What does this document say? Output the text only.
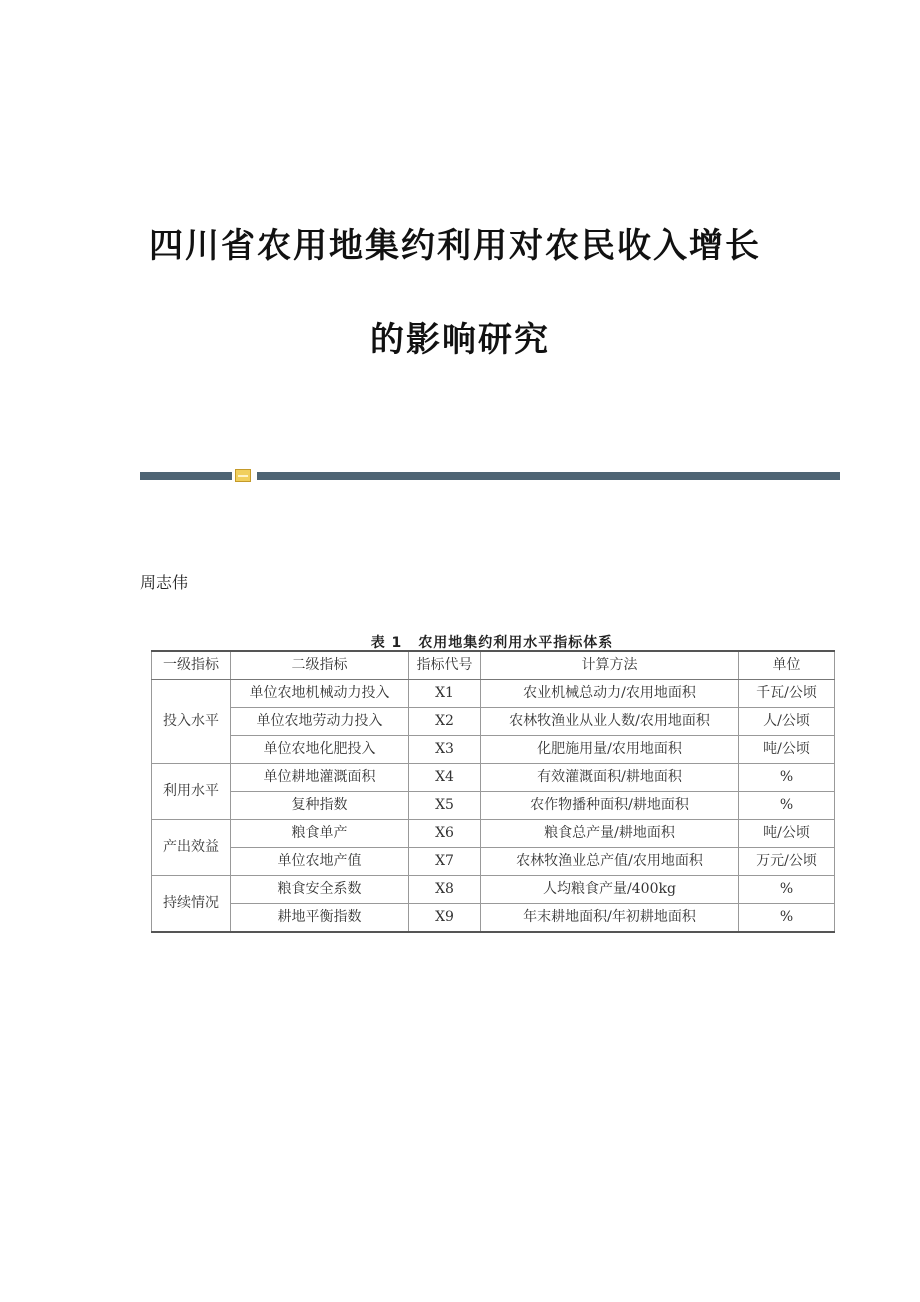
四川省农用地集约利用对农民收入增长
的影响研究
周志伟
表 1 农用地集约利用水平指标体系
一级指标	二级指标	指标代号	计算方法	单位
投入水平	单位农地机械动力投入	X1	农业机械总动力/农用地面积	千瓦/公顷
	单位农地劳动力投入	X2	农林牧渔业从业人数/农用地面积	人/公顷
	单位农地化肥投入	X3	化肥施用量/农用地面积	吨/公顷
利用水平	单位耕地灌溉面积	X4	有效灌溉面积/耕地面积	%
	复种指数	X5	农作物播种面积/耕地面积	%
产出效益	粮食单产	X6	粮食总产量/耕地面积	吨/公顷
	单位农地产值	X7	农林牧渔业总产值/农用地面积	万元/公顷
持续情况	粮食安全系数	X8	人均粮食产量/400kg	%
	耕地平衡指数	X9	年末耕地面积/年初耕地面积	%
